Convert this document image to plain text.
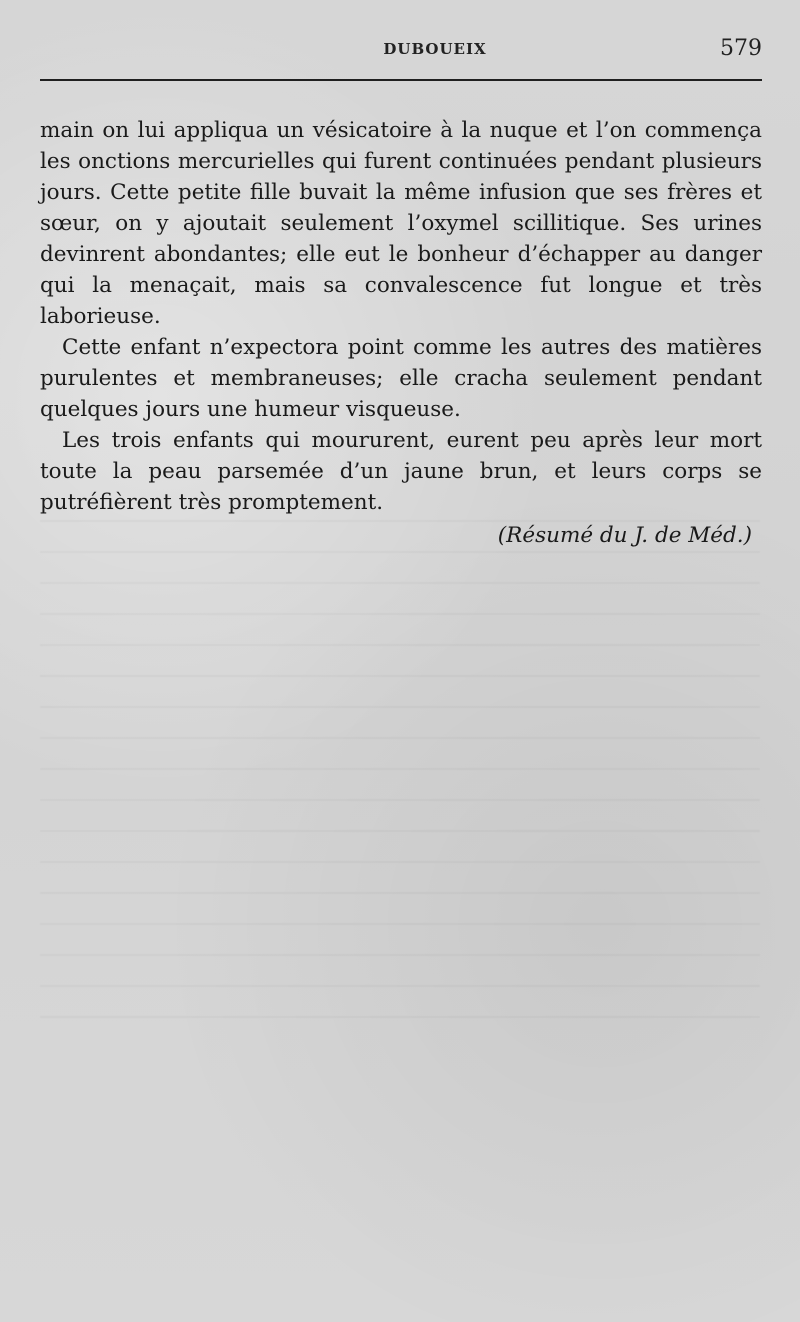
DUBOUEIX	579

main on lui appliqua un vésicatoire à la nuque et l’on commença les onctions mercurielles qui furent continuées pendant plusieurs jours. Cette petite fille buvait la même infusion que ses frères et sœur, on y ajoutait seulement l’oxymel scillitique. Ses urines devinrent abondantes; elle eut le bonheur d’échapper au danger qui la menaçait, mais sa convalescence fut longue et très laborieuse.

Cette enfant n’expectora point comme les autres des matières purulentes et membraneuses; elle cracha seulement pendant quelques jours une humeur visqueuse.

Les trois enfants qui moururent, eurent peu après leur mort toute la peau parsemée d’un jaune brun, et leurs corps se putréfièrent très promptement.

(Résumé du J. de Méd.)
